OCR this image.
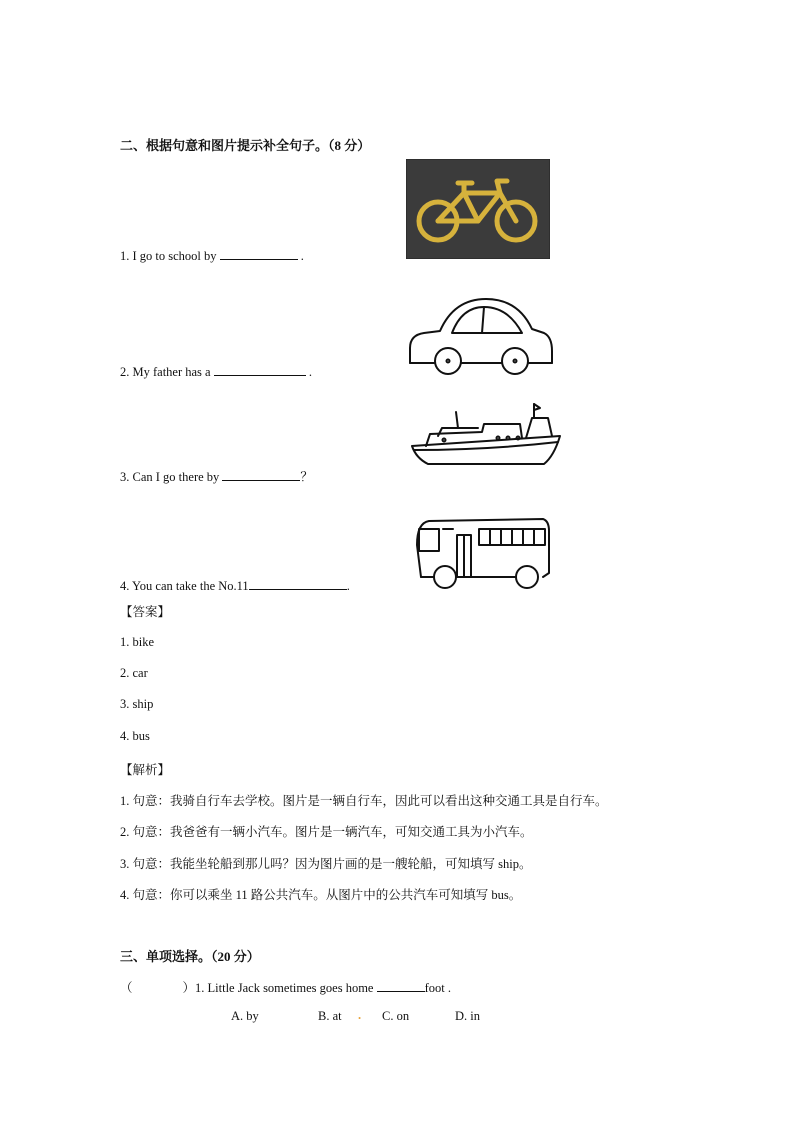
二、根据句意和图片提示补全句子。（8 分）
1. I go to school by	.
2. My father has a	.
3. Can I go there by	？
4. You can take the No.11	.
【答案】
1. bike
2. car
3. ship
4. bus
【解析】
1. 句意：我骑自行车去学校。图片是一辆自行车，因此可以看出这种交通工具是自行车。
2. 句意：我爸爸有一辆小汽车。图片是一辆汽车，可知交通工具为小汽车。
3. 句意：我能坐轮船到那儿吗？因为图片画的是一艘轮船，可知填写 ship。
4. 句意：你可以乘坐 11 路公共汽车。从图片中的公共汽车可知填写 bus。
三、单项选择。（20 分）
（	）1. Little Jack sometimes goes home	foot .
A. by	B. at . C. on	D. in
